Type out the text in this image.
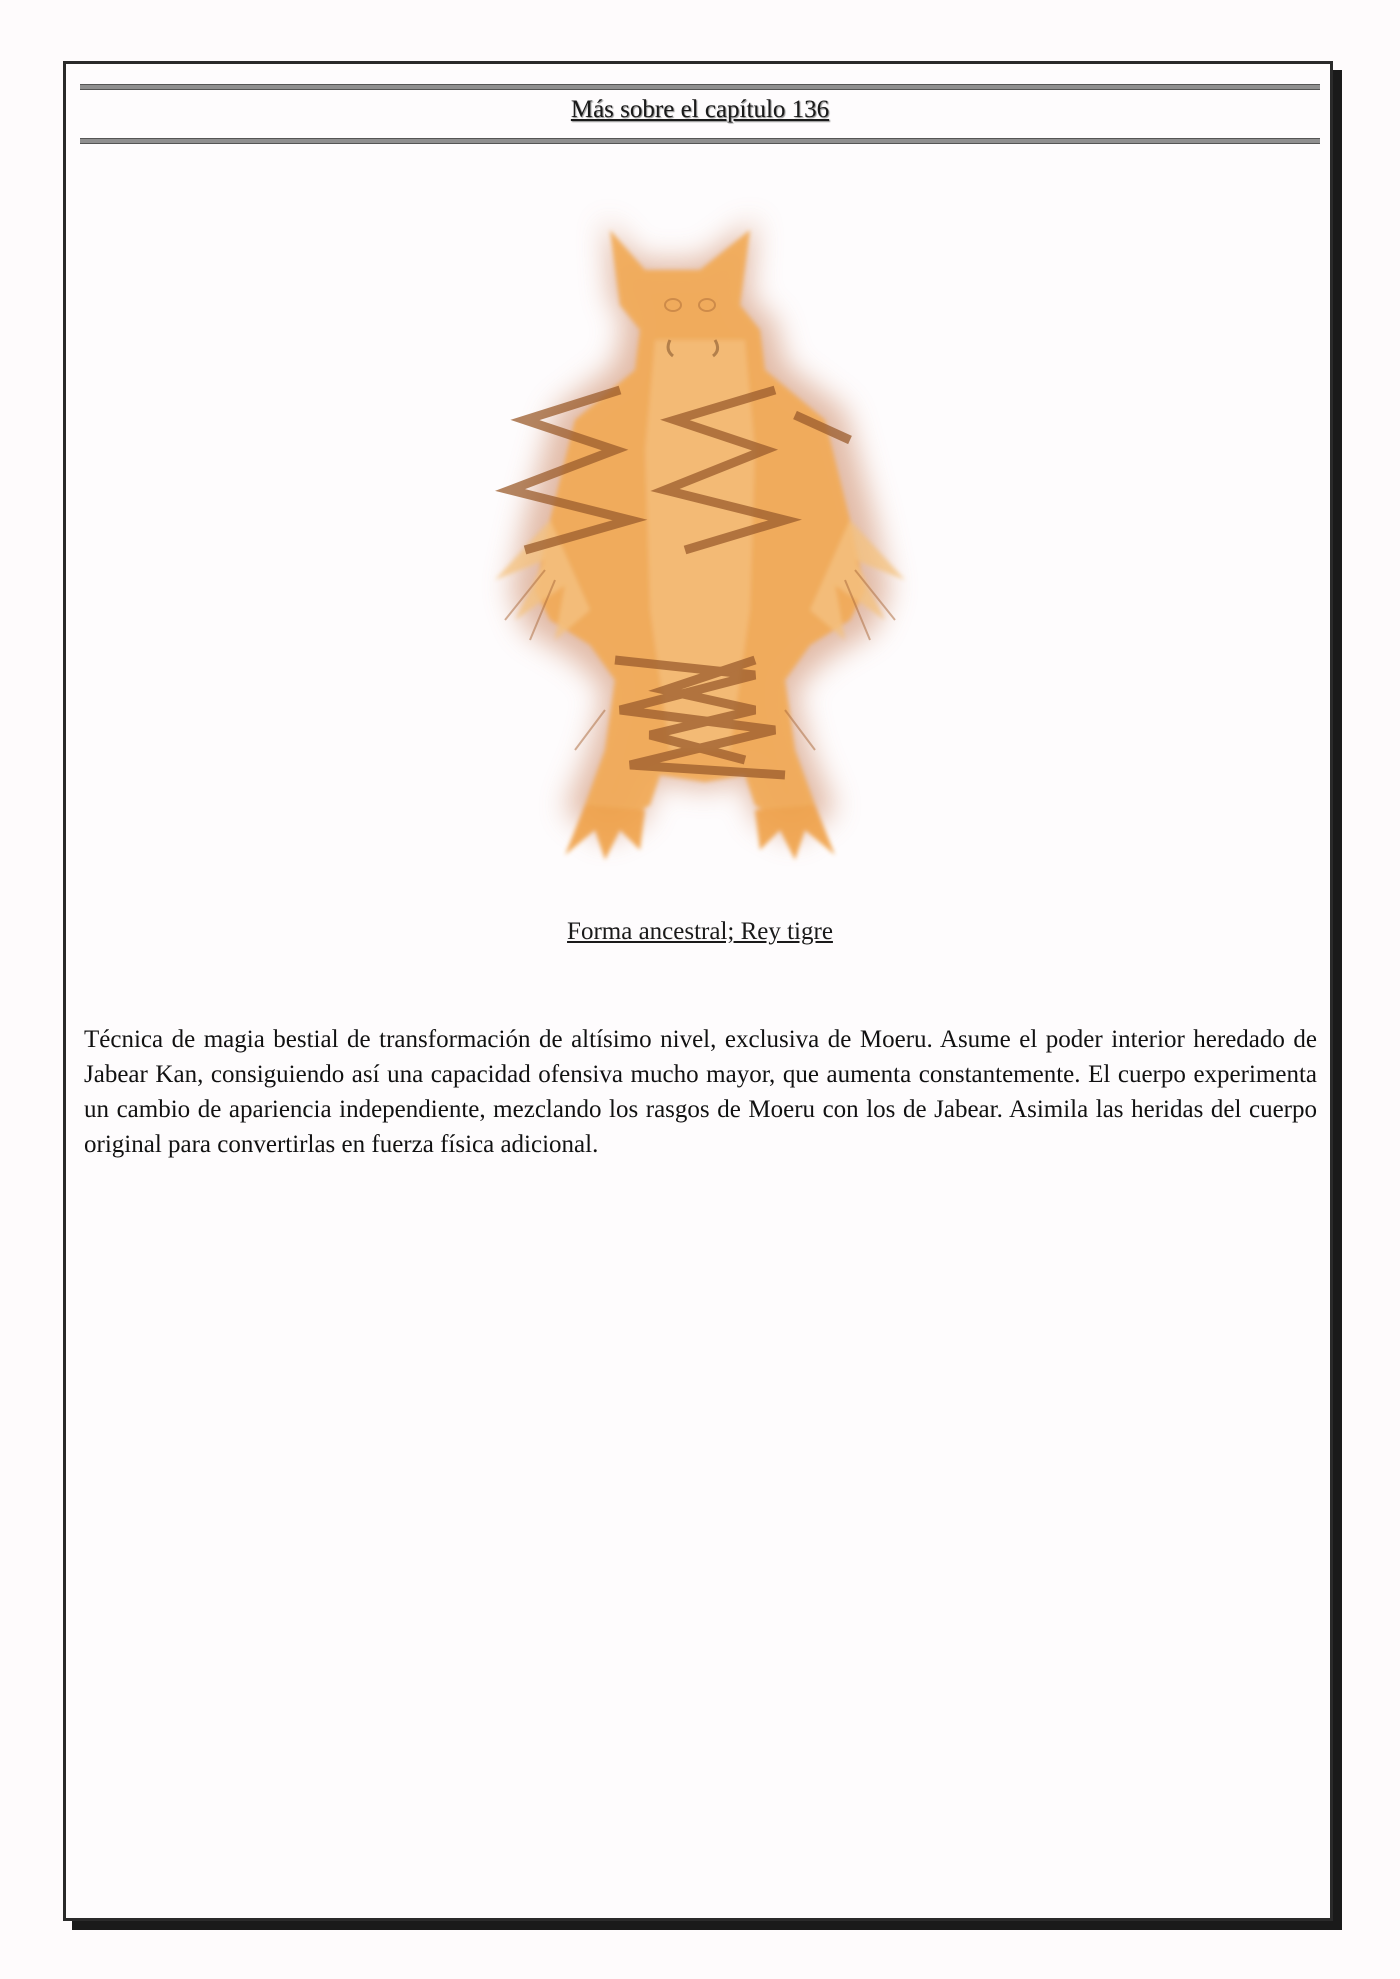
Más sobre el capítulo 136
Forma ancestral; Rey tigre

Técnica de magia bestial de transformación de altísimo nivel, exclusiva de Moeru. Asume el poder interior heredado de Jabear Kan, consiguiendo así una capacidad ofensiva mucho mayor, que aumenta constantemente. El cuerpo experimenta un cambio de apariencia independiente, mezclando los rasgos de Moeru con los de Jabear. Asimila las heridas del cuerpo original para convertirlas en fuerza física adicional.
